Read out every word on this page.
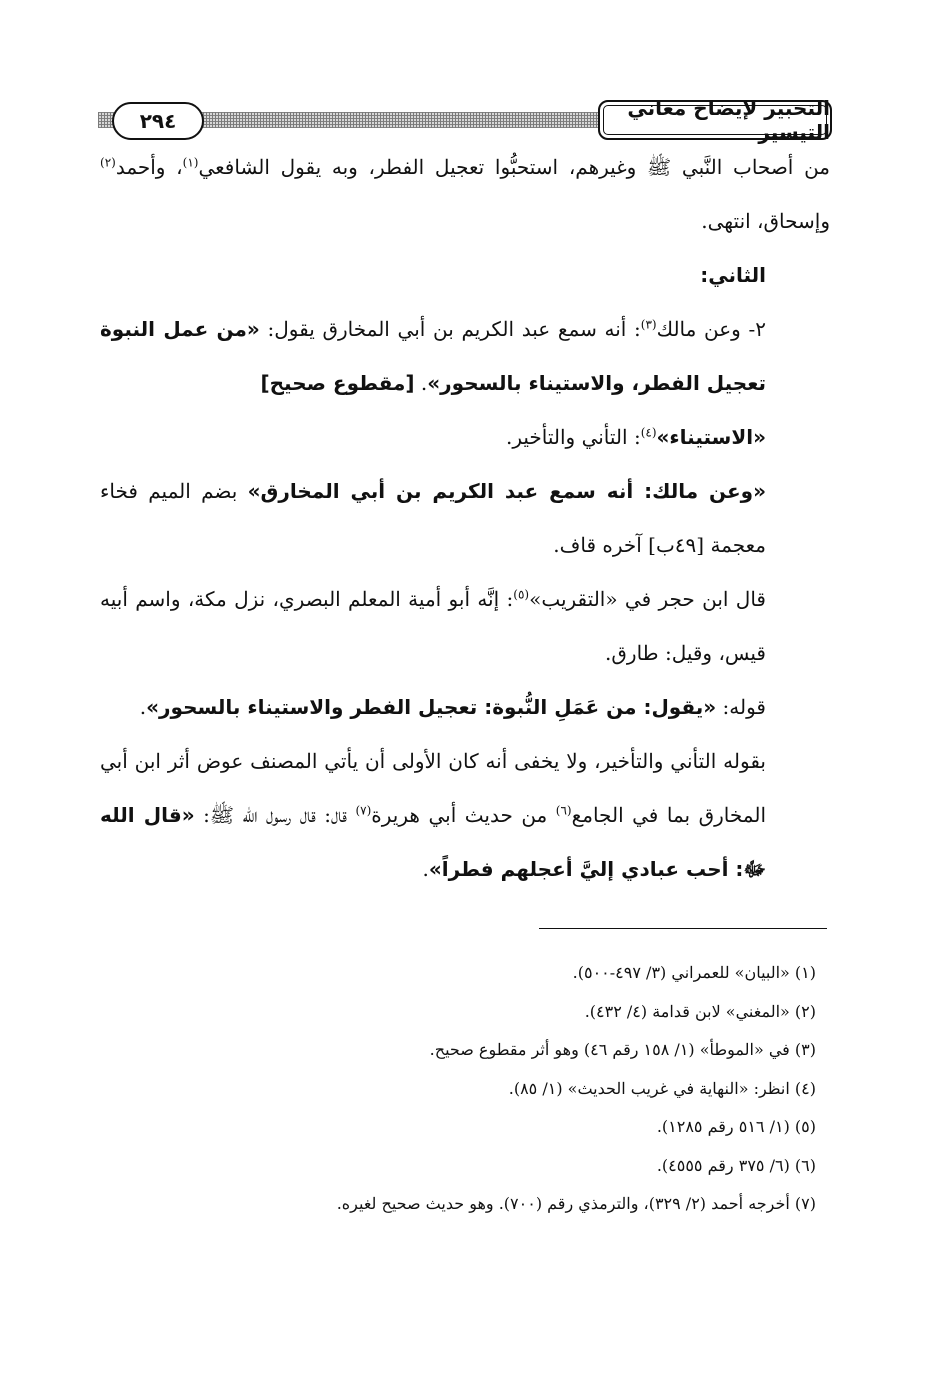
٢٩٤
التحبير لإيضاح معاني التيسير

من أصحاب النَّبي ﷺ وغيرهم، استحبُّوا تعجيل الفطر، وبه يقول الشافعي$^{(١)}$، وأحمد$^{(٢)}$ وإسحاق، انتهى.

الثاني:

٢- وعن مالك$^{(٣)}$: أنه سمع عبد الكريم بن أبي المخارق يقول: «من عمل النبوة تعجيل الفطر، والاستيناء بالسحور». [مقطوع صحيح]

«الاستيناء»$^{(٤)}$: التأني والتأخير.

«وعن مالك: أنه سمع عبد الكريم بن أبي المخارق» بضم الميم فخاء معجمة [٤٩ب] آخره قاف.

قال ابن حجر في «التقريب»$^{(٥)}$: إنَّه أبو أمية المعلم البصري، نزل مكة، واسم أبيه قيس، وقيل: طارق.

قوله: «يقول: من عَمَلِ النُّبوة: تعجيل الفطر والاستيناء بالسحور».

بقوله التأني والتأخير، ولا يخفى أنه كان الأولى أن يأتي المصنف عوض أثر ابن أبي المخارق بما في الجامع$^{(٦)}$ من حديث أبي هريرة$^{(٧)}$ قال: قال رسول الله ﷺ: «قال الله ﷻ: أحب عبادي إليَّ أعجلهم فطراً».

(١) «البيان» للعمراني (٣/ ٤٩٧-٥٠٠).
(٢) «المغني» لابن قدامة (٤/ ٤٣٢).
(٣) في «الموطأ» (١/ ١٥٨ رقم ٤٦) وهو أثر مقطوع صحيح.
(٤) انظر: «النهاية في غريب الحديث» (١/ ٨٥).
(٥) (١/ ٥١٦ رقم ١٢٨٥).
(٦) (٦/ ٣٧٥ رقم ٤٥٥٥).
(٧) أخرجه أحمد (٢/ ٣٢٩)، والترمذي رقم (٧٠٠). وهو حديث صحيح لغيره.
